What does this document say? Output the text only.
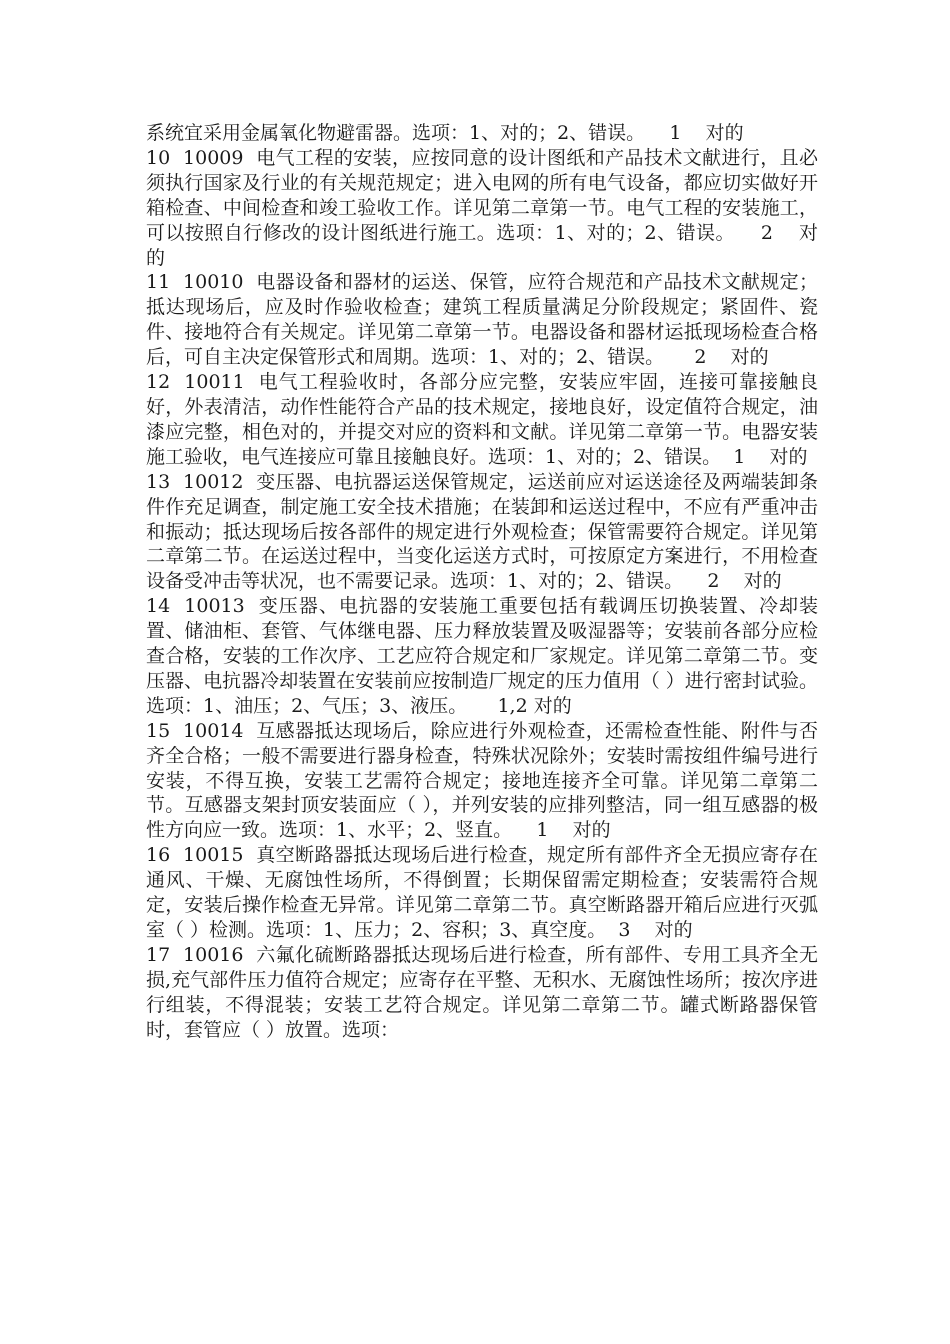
系统宜采用金属氧化物避雷器。选项：1、对的；2、错误。    1    对的

10  10009  电气工程的安装，应按同意的设计图纸和产品技术文献进行，且必须执行国家及行业的有关规范规定；进入电网的所有电气设备，都应切实做好开箱检查、中间检查和竣工验收工作。详见第二章第一节。电气工程的安装施工，可以按照自行修改的设计图纸进行施工。选项：1、对的；2、错误。    2    对的

11  10010  电器设备和器材的运送、保管，应符合规范和产品技术文献规定；抵达现场后，应及时作验收检查；建筑工程质量满足分阶段规定；紧固件、瓷件、接地符合有关规定。详见第二章第一节。电器设备和器材运抵现场检查合格后，可自主决定保管形式和周期。选项：1、对的；2、错误。     2    对的

12  10011  电气工程验收时，各部分应完整，安装应牢固，连接可靠接触良好，外表清洁，动作性能符合产品的技术规定，接地良好，设定值符合规定，油漆应完整，相色对的，并提交对应的资料和文献。详见第二章第一节。电器安装施工验收，电气连接应可靠且接触良好。选项：1、对的；2、错误。  1    对的

13  10012  变压器、电抗器运送保管规定，运送前应对运送途径及两端装卸条件作充足调查，制定施工安全技术措施；在装卸和运送过程中，不应有严重冲击和振动；抵达现场后按各部件的规定进行外观检查；保管需要符合规定。详见第二章第二节。在运送过程中，当变化运送方式时，可按原定方案进行，不用检查设备受冲击等状况，也不需要记录。选项：1、对的；2、错误。    2    对的

14  10013  变压器、电抗器的安装施工重要包括有载调压切换装置、冷却装置、储油柜、套管、气体继电器、压力释放装置及吸湿器等；安装前各部分应检查合格，安装的工作次序、工艺应符合规定和厂家规定。详见第二章第二节。变压器、电抗器冷却装置在安装前应按制造厂规定的压力值用（ ）进行密封试验。选项：1、油压；2、气压；3、液压。     1,2 对的

15  10014  互感器抵达现场后，除应进行外观检查，还需检查性能、附件与否齐全合格；一般不需要进行器身检查，特殊状况除外；安装时需按组件编号进行安装，不得互换，安装工艺需符合规定；接地连接齐全可靠。详见第二章第二节。互感器支架封顶安装面应（ ），并列安装的应排列整洁，同一组互感器的极性方向应一致。选项：1、水平；2、竖直。    1    对的

16  10015  真空断路器抵达现场后进行检查，规定所有部件齐全无损应寄存在通风、干燥、无腐蚀性场所，不得倒置；长期保留需定期检查；安装需符合规定，安装后操作检查无异常。详见第二章第二节。真空断路器开箱后应进行灭弧室（ ）检测。选项：1、压力；2、容积；3、真空度。  3    对的

17  10016  六氟化硫断路器抵达现场后进行检查，所有部件、专用工具齐全无损,充气部件压力值符合规定；应寄存在平整、无积水、无腐蚀性场所；按次序进行组装，不得混装；安装工艺符合规定。详见第二章第二节。罐式断路器保管时，套管应（ ）放置。选项：
